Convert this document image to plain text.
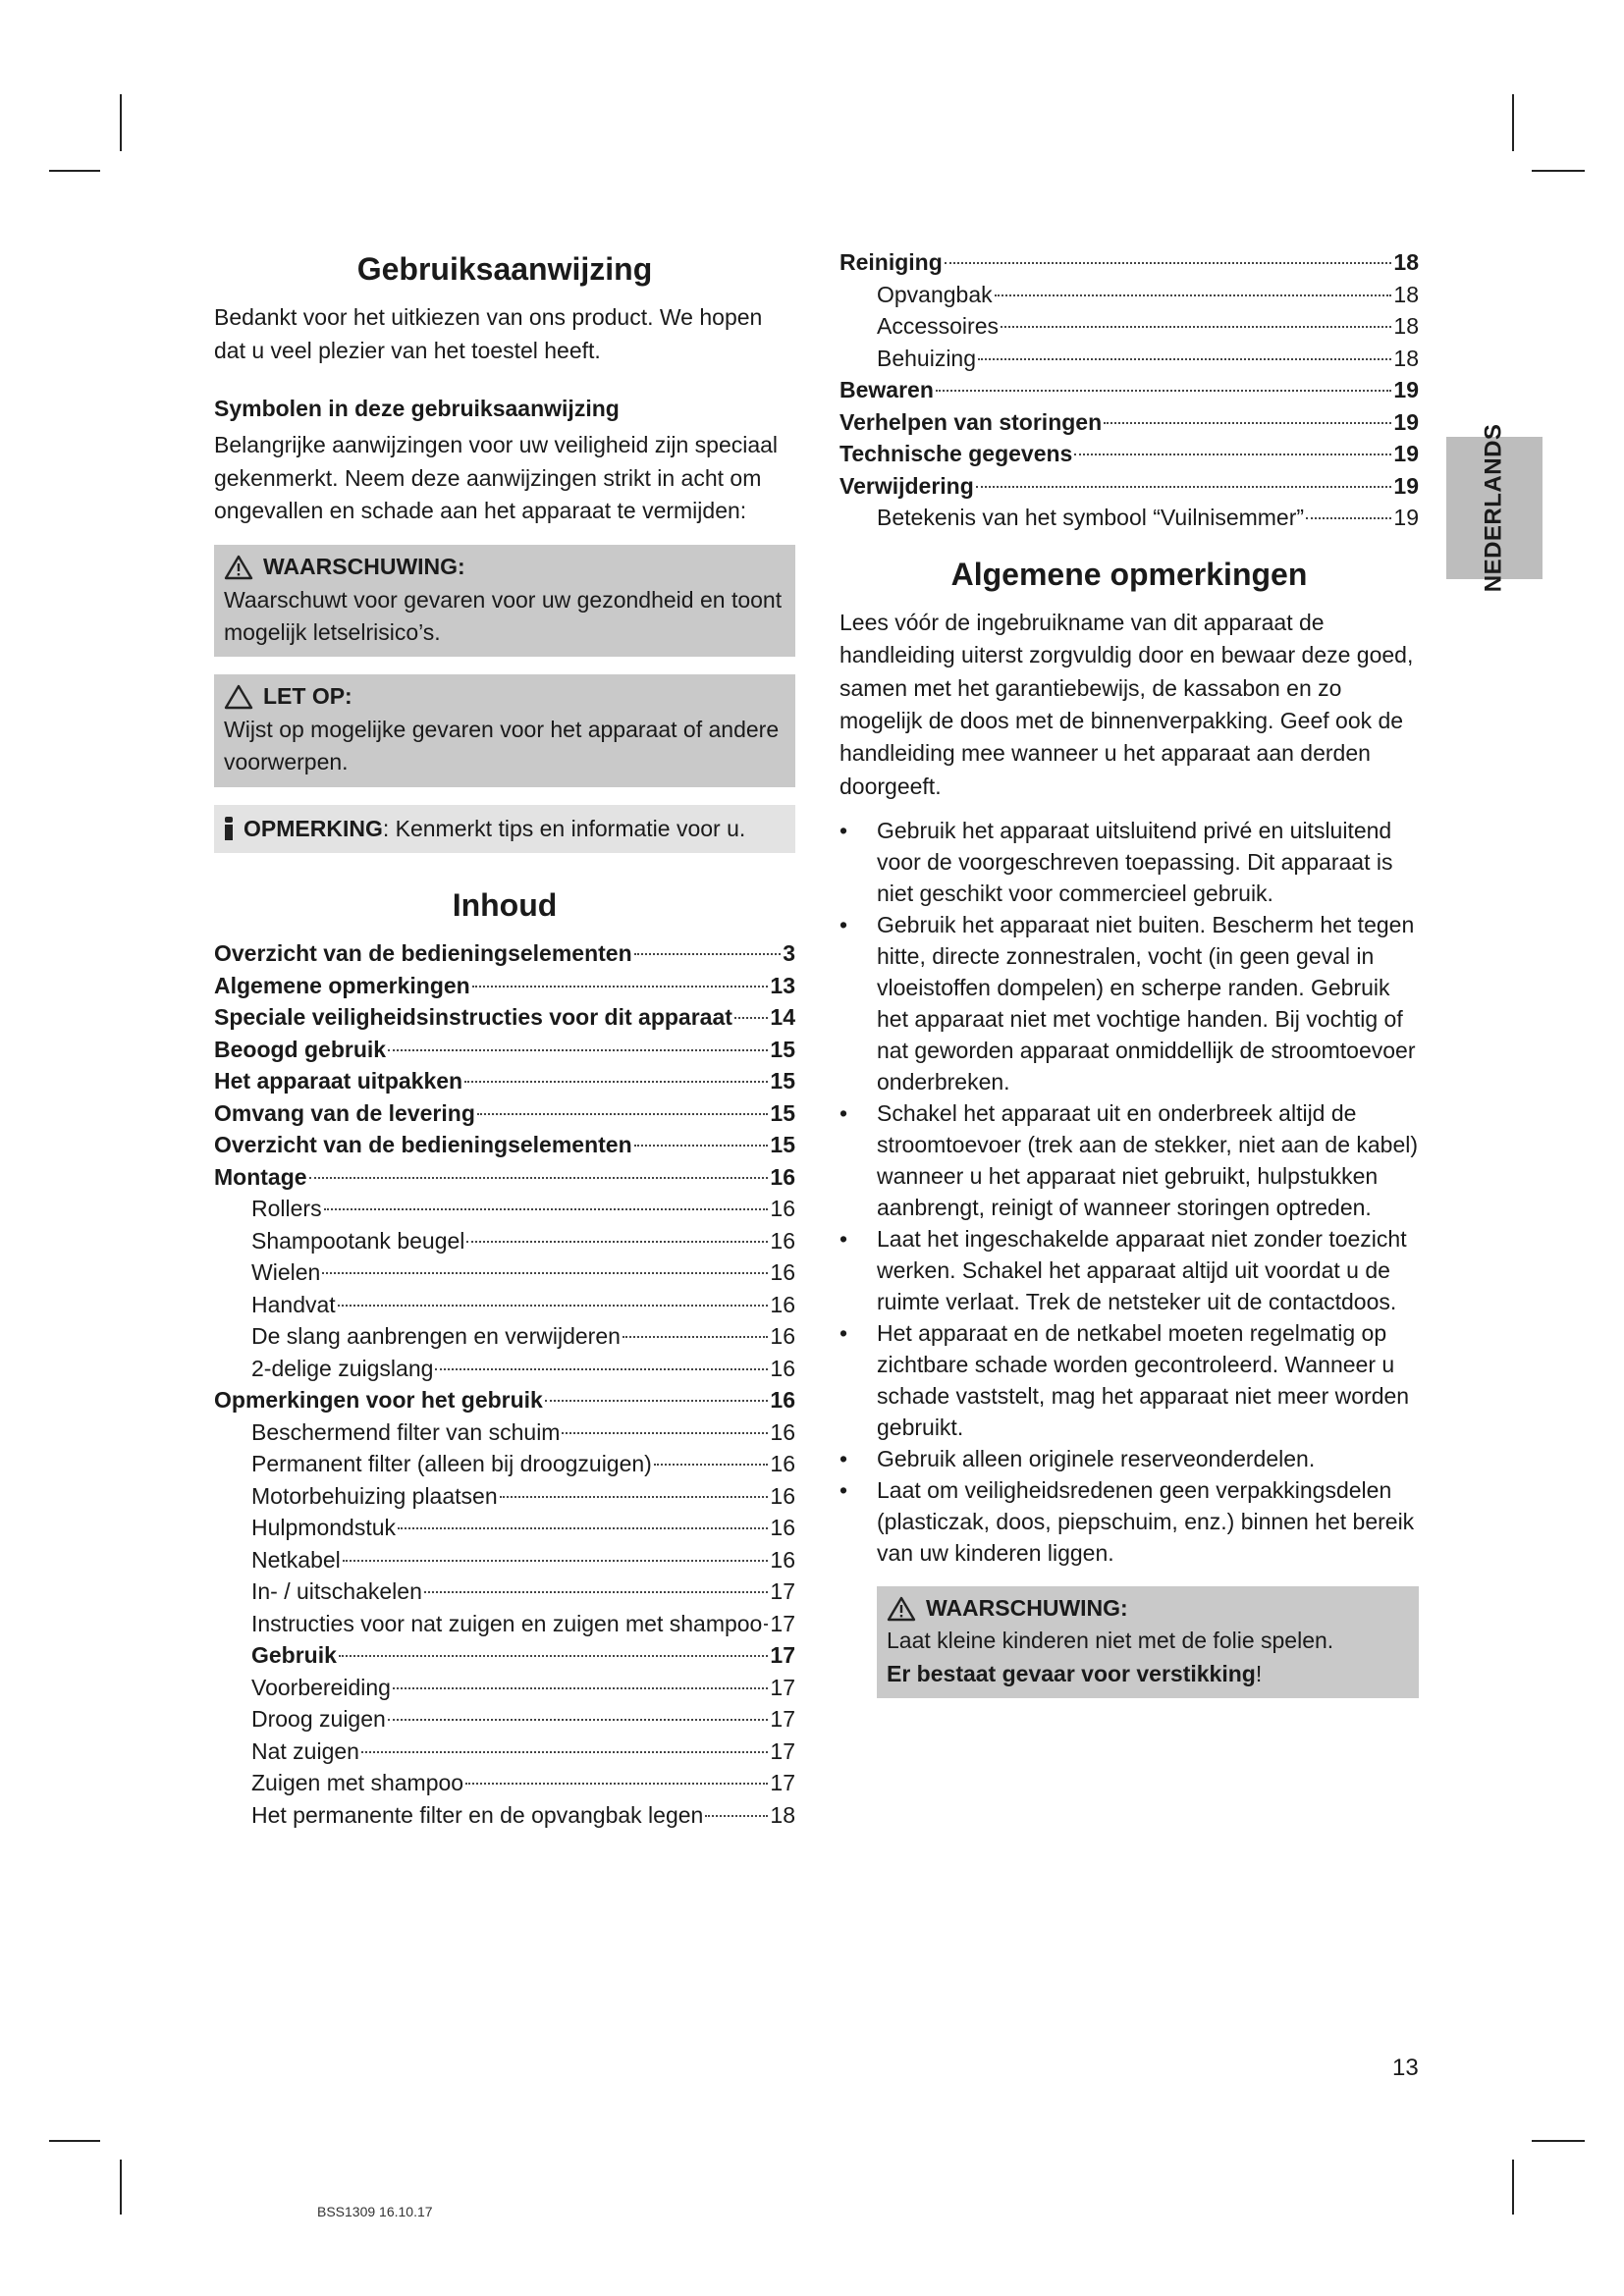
Gebruiksaanwijzing

Bedankt voor het uitkiezen van ons product. We hopen dat u veel plezier van het toestel heeft.

Symbolen in deze gebruiksaanwijzing

Belangrijke aanwijzingen voor uw veiligheid zijn speciaal gekenmerkt. Neem deze aanwijzingen strikt in acht om ongevallen en schade aan het apparaat te vermijden:

WAARSCHUWING:

Waarschuwt voor gevaren voor uw gezondheid en toont mogelijk letselrisico’s.

LET OP:

Wijst op mogelijke gevaren voor het apparaat of andere voorwerpen.

OPMERKING: Kenmerkt tips en informatie voor u.
Inhoud
Overzicht van de bedieningselementen	3
Algemene opmerkingen	13
Speciale veiligheidsinstructies voor dit apparaat 14
Beoogd gebruik	15
Het apparaat uitpakken	15
Omvang van de levering	15
Overzicht van de bedieningselementen	15
Montage	16
Rollers	16
Shampootank beugel	16
Wielen	16
Handvat	16
De slang aanbrengen en verwijderen	16
2-delige zuigslang	16
Opmerkingen voor het gebruik	16
Beschermend filter van schuim	16
Permanent filter (alleen bij droogzuigen)	16
Motorbehuizing plaatsen	16
Hulpmondstuk	16
Netkabel	16
In- / uitschakelen	17
Instructies voor nat zuigen en zuigen met shampoo 17
Gebruik	17
Voorbereiding	17
Droog zuigen	17
Nat zuigen	17
Zuigen met shampoo	17
Het permanente filter en de opvangbak legen	18
Reiniging	18
Opvangbak	18
Accessoires	18
Behuizing	18
Bewaren	19
Verhelpen van storingen	19
Technische gegevens	19
Verwijdering	19
Betekenis van het symbool “Vuilnisemmer”	19
Algemene opmerkingen

Lees vóór de ingebruikname van dit apparaat de handleiding uiterst zorgvuldig door en bewaar deze goed, samen met het garantiebewijs, de kassabon en zo mogelijk de doos met de binnenverpakking. Geef ook de handleiding mee wanneer u het apparaat aan derden doorgeeft.

• Gebruik het apparaat uitsluitend privé en uitsluitend voor de voorgeschreven toepassing. Dit apparaat is niet geschikt voor commercieel gebruik.
• Gebruik het apparaat niet buiten. Bescherm het tegen hitte, directe zonnestralen, vocht (in geen geval in vloeistoffen dompelen) en scherpe randen. Gebruik het apparaat niet met vochtige handen. Bij vochtig of nat geworden apparaat onmiddellijk de stroomtoevoer onderbreken.
• Schakel het apparaat uit en onderbreek altijd de stroomtoevoer (trek aan de stekker, niet aan de kabel) wanneer u het apparaat niet gebruikt, hulpstukken aanbrengt, reinigt of wanneer storingen optreden.
• Laat het ingeschakelde apparaat niet zonder toezicht werken. Schakel het apparaat altijd uit voordat u de ruimte verlaat. Trek de netsteker uit de contactdoos.
• Het apparaat en de netkabel moeten regelmatig op zichtbare schade worden gecontroleerd. Wanneer u schade vaststelt, mag het apparaat niet meer worden gebruikt.
• Gebruik alleen originele reserveonderdelen.
• Laat om veiligheidsredenen geen verpakkingsdelen (plasticzak, doos, piepschuim, enz.) binnen het bereik van uw kinderen liggen.
WAARSCHUWING:

Laat kleine kinderen niet met de folie spelen.

Er bestaat gevaar voor verstikking!

NEDERLANDS
13
BSS1309 16.10.17
